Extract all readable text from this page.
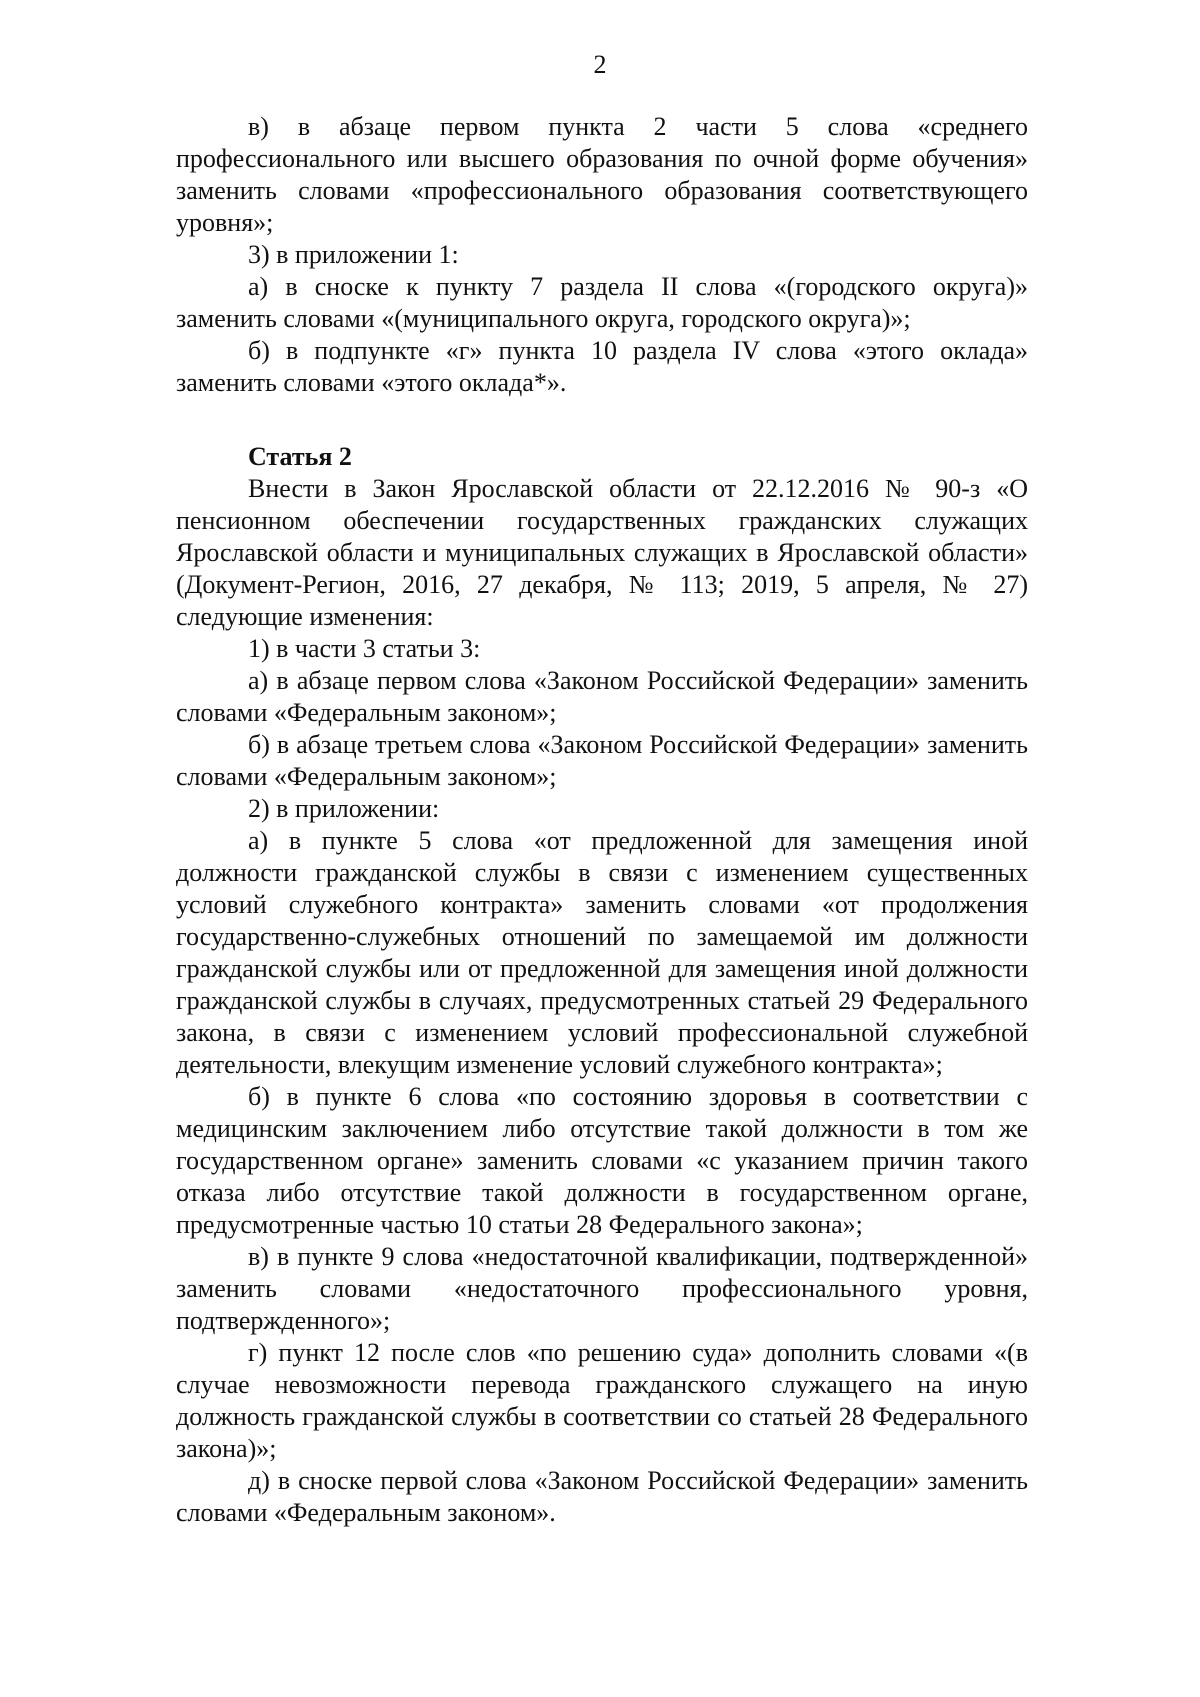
2

в) в абзаце первом пункта 2 части 5 слова «среднего профессионального или высшего образования по очной форме обучения» заменить словами «профессионального образования соответствующего уровня»;

3) в приложении 1:

а) в сноске к пункту 7 раздела II слова «(городского округа)» заменить словами «(муниципального округа, городского округа)»;

б) в подпункте «г» пункта 10 раздела IV слова «этого оклада» заменить словами «этого оклада*».

Статья 2

Внести в Закон Ярославской области от 22.12.2016 № 90-з «О пенсионном обеспечении государственных гражданских служащих Ярославской области и муниципальных служащих в Ярославской области» (Документ-Регион, 2016, 27 декабря, № 113; 2019, 5 апреля, № 27) следующие изменения:

1) в части 3 статьи 3:

а) в абзаце первом слова «Законом Российской Федерации» заменить словами «Федеральным законом»;

б) в абзаце третьем слова «Законом Российской Федерации» заменить словами «Федеральным законом»;

2) в приложении:

а) в пункте 5 слова «от предложенной для замещения иной должности гражданской службы в связи с изменением существенных условий служебного контракта» заменить словами «от продолжения государственно-служебных отношений по замещаемой им должности гражданской службы или от предложенной для замещения иной должности гражданской службы в случаях, предусмотренных статьей 29 Федерального закона, в связи с изменением условий профессиональной служебной деятельности, влекущим изменение условий служебного контракта»;

б) в пункте 6 слова «по состоянию здоровья в соответствии с медицинским заключением либо отсутствие такой должности в том же государственном органе» заменить словами «с указанием причин такого отказа либо отсутствие такой должности в государственном органе, предусмотренные частью 10 статьи 28 Федерального закона»;

в) в пункте 9 слова «недостаточной квалификации, подтвержденной» заменить словами «недостаточного профессионального уровня, подтвержденного»;

г) пункт 12 после слов «по решению суда» дополнить словами «(в случае невозможности перевода гражданского служащего на иную должность гражданской службы в соответствии со статьей 28 Федерального закона)»;

д) в сноске первой слова «Законом Российской Федерации» заменить словами «Федеральным законом».
